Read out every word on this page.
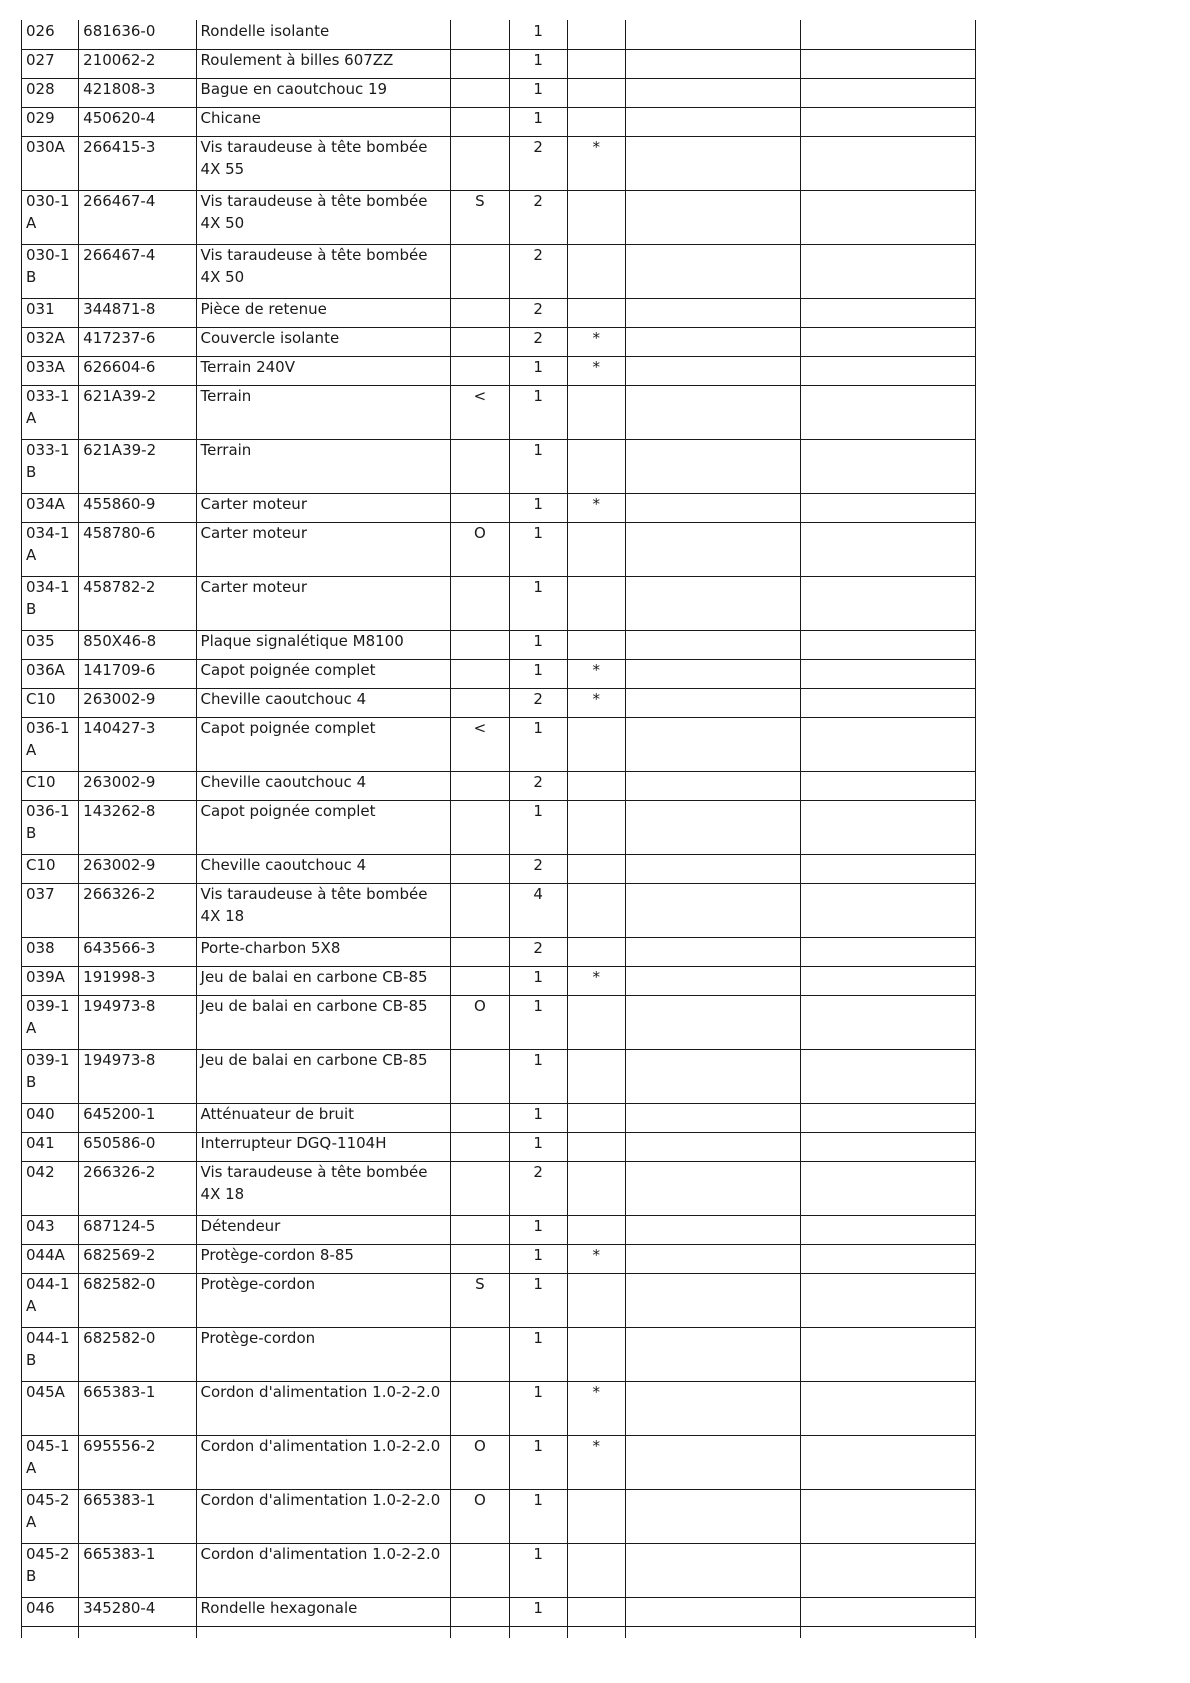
026	681636-0	Rondelle isolante		1			
027	210062-2	Roulement à billes 607ZZ		1			
028	421808-3	Bague en caoutchouc 19		1			
029	450620-4	Chicane		1			
030A	266415-3	Vis taraudeuse à tête bombée 4X 55		2	*		
030-1 A	266467-4	Vis taraudeuse à tête bombée 4X 50	S	2			
030-1 B	266467-4	Vis taraudeuse à tête bombée 4X 50		2			
031	344871-8	Pièce de retenue		2			
032A	417237-6	Couvercle isolante		2	*		
033A	626604-6	Terrain 240V		1	*		
033-1 A	621A39-2	Terrain	<	1			
033-1 B	621A39-2	Terrain		1			
034A	455860-9	Carter moteur		1	*		
034-1 A	458780-6	Carter moteur	O	1			
034-1 B	458782-2	Carter moteur		1			
035	850X46-8	Plaque signalétique M8100		1			
036A	141709-6	Capot poignée complet		1	*		
C10	263002-9	Cheville caoutchouc 4		2	*		
036-1 A	140427-3	Capot poignée complet	<	1			
C10	263002-9	Cheville caoutchouc 4		2			
036-1 B	143262-8	Capot poignée complet		1			
C10	263002-9	Cheville caoutchouc 4		2			
037	266326-2	Vis taraudeuse à tête bombée 4X 18		4			
038	643566-3	Porte-charbon 5X8		2			
039A	191998-3	Jeu de balai en carbone CB-85		1	*		
039-1 A	194973-8	Jeu de balai en carbone CB-85	O	1			
039-1 B	194973-8	Jeu de balai en carbone CB-85		1			
040	645200-1	Atténuateur de bruit		1			
041	650586-0	Interrupteur DGQ-1104H		1			
042	266326-2	Vis taraudeuse à tête bombée 4X 18		2			
043	687124-5	Détendeur		1			
044A	682569-2	Protège-cordon 8-85		1	*		
044-1 A	682582-0	Protège-cordon	S	1			
044-1 B	682582-0	Protège-cordon		1			
045A	665383-1	Cordon d'alimentation 1.0-2-2.0		1	*		
045-1 A	695556-2	Cordon d'alimentation 1.0-2-2.0	O	1	*		
045-2 A	665383-1	Cordon d'alimentation 1.0-2-2.0	O	1			
045-2 B	665383-1	Cordon d'alimentation 1.0-2-2.0		1			
046	345280-4	Rondelle hexagonale		1			
